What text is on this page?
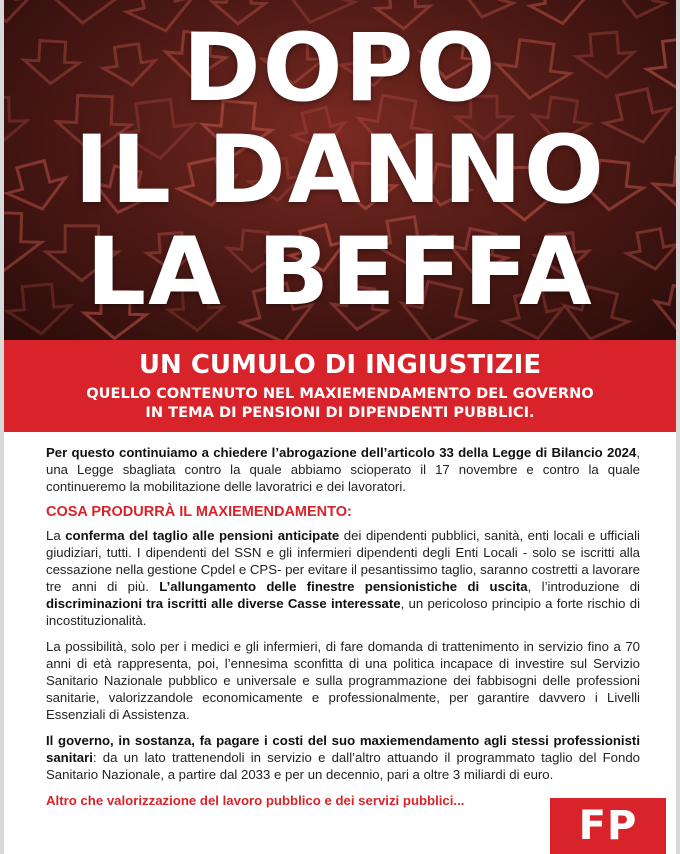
DOPO
IL DANNO
LA BEFFA
UN CUMULO DI INGIUSTIZIE
QUELLO CONTENUTO NEL MAXIEMENDAMENTO DEL GOVERNO
IN TEMA DI PENSIONI DI DIPENDENTI PUBBLICI.

Per questo continuiamo a chiedere l’abrogazione dell’articolo 33 della Legge di Bilancio 2024, una Legge sbagliata contro la quale abbiamo scioperato il 17 novembre e contro la quale continueremo la mobilitazione delle lavoratrici e dei lavoratori.

COSA PRODURRÀ IL MAXIEMENDAMENTO:

La conferma del taglio alle pensioni anticipate dei dipendenti pubblici, sanità, enti locali e ufficiali giudiziari, tutti. I dipendenti del SSN e gli infermieri dipendenti degli Enti Locali - solo se iscritti alla cessazione nella gestione Cpdel e CPS- per evitare il pesantissimo taglio, saranno costretti a lavorare tre anni di più. L’allungamento delle finestre pensionistiche di uscita, l’introduzione di discriminazioni tra iscritti alle diverse Casse interessate, un pericoloso principio a forte rischio di incostituzionalità.

La possibilità, solo per i medici e gli infermieri, di fare domanda di trattenimento in servizio fino a 70 anni di età rappresenta, poi, l’ennesima sconfitta di una politica incapace di investire sul Servizio Sanitario Nazionale pubblico e universale e sulla programmazione dei fabbisogni delle professioni sanitarie, valorizzandole economicamente e professionalmente, per garantire davvero i Livelli Essenziali di Assistenza.

Il governo, in sostanza, fa pagare i costi del suo maxiemendamento agli stessi professionisti sanitari: da un lato trattenendoli in servizio e dall’altro attuando il programmato taglio del Fondo Sanitario Nazionale, a partire dal 2033 e per un decennio, pari a oltre 3 miliardi di euro.

Altro che valorizzazione del lavoro pubblico e dei servizi pubblici...

FP
